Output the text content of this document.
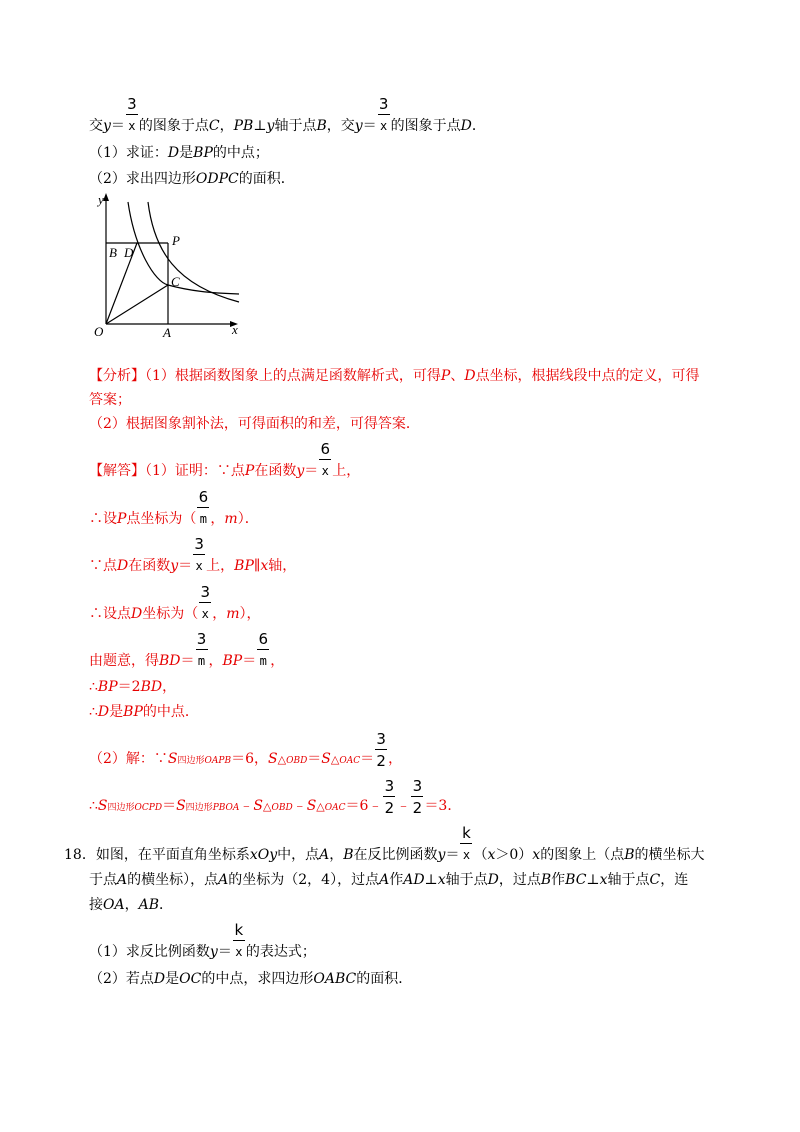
交$y= \frac{3}{x}$ 的图象于点C，PB⊥y轴于点B，交$y= \frac{3}{x}$ 的图象于点D．
（1）求证：D是BP的中点；
（2）求出四边形ODPC的面积．
y
B D
P
C
O	A	x
【分析】（1）根据函数图象上的点满足函数解析式，可得P、D点坐标，根据线段中点的定义，可得
答案；
（2）根据图象割补法，可得面积的和差，可得答案．
【解答】（1）证明：∵点P在函数$y= \frac{6}{x}$ 上，
∴设P点坐标为（ $\frac{6}{m}$ ，m）．
∵点D在函数$y= \frac{3}{x}$ 上，BP∥x轴，
∴设点D坐标为（ $\frac{3}{x}$ ，m），
由题意，得$BD= \frac{3}{m}$ ，$BP= \frac{6}{m}$ ，
∴BP＝2BD，
∴D是BP的中点．
（2）解：∵S四边形OAPB＝6，S△OBD＝S△OAC＝ $\frac{3}{2}$ ，
∴S四边形OCPD＝S四边形PBOA﹣S△OBD﹣S△OAC＝6﹣ $\frac{3}{2}$ ﹣ $\frac{3}{2} =3$．
18．如图，在平面直角坐标系xOy中，点A，B在反比例函数$y= \frac{k}{x} (x>0)x$的图象上（点B的横坐标大
于点A的横坐标），点A的坐标为（2，4），过点A作AD⊥x轴于点D，过点B作BC⊥x轴于点C，连
接OA，AB．
（1）求反比例函数$y= \frac{k}{x}$ 的表达式；
（2）若点D是OC的中点，求四边形OABC的面积．
